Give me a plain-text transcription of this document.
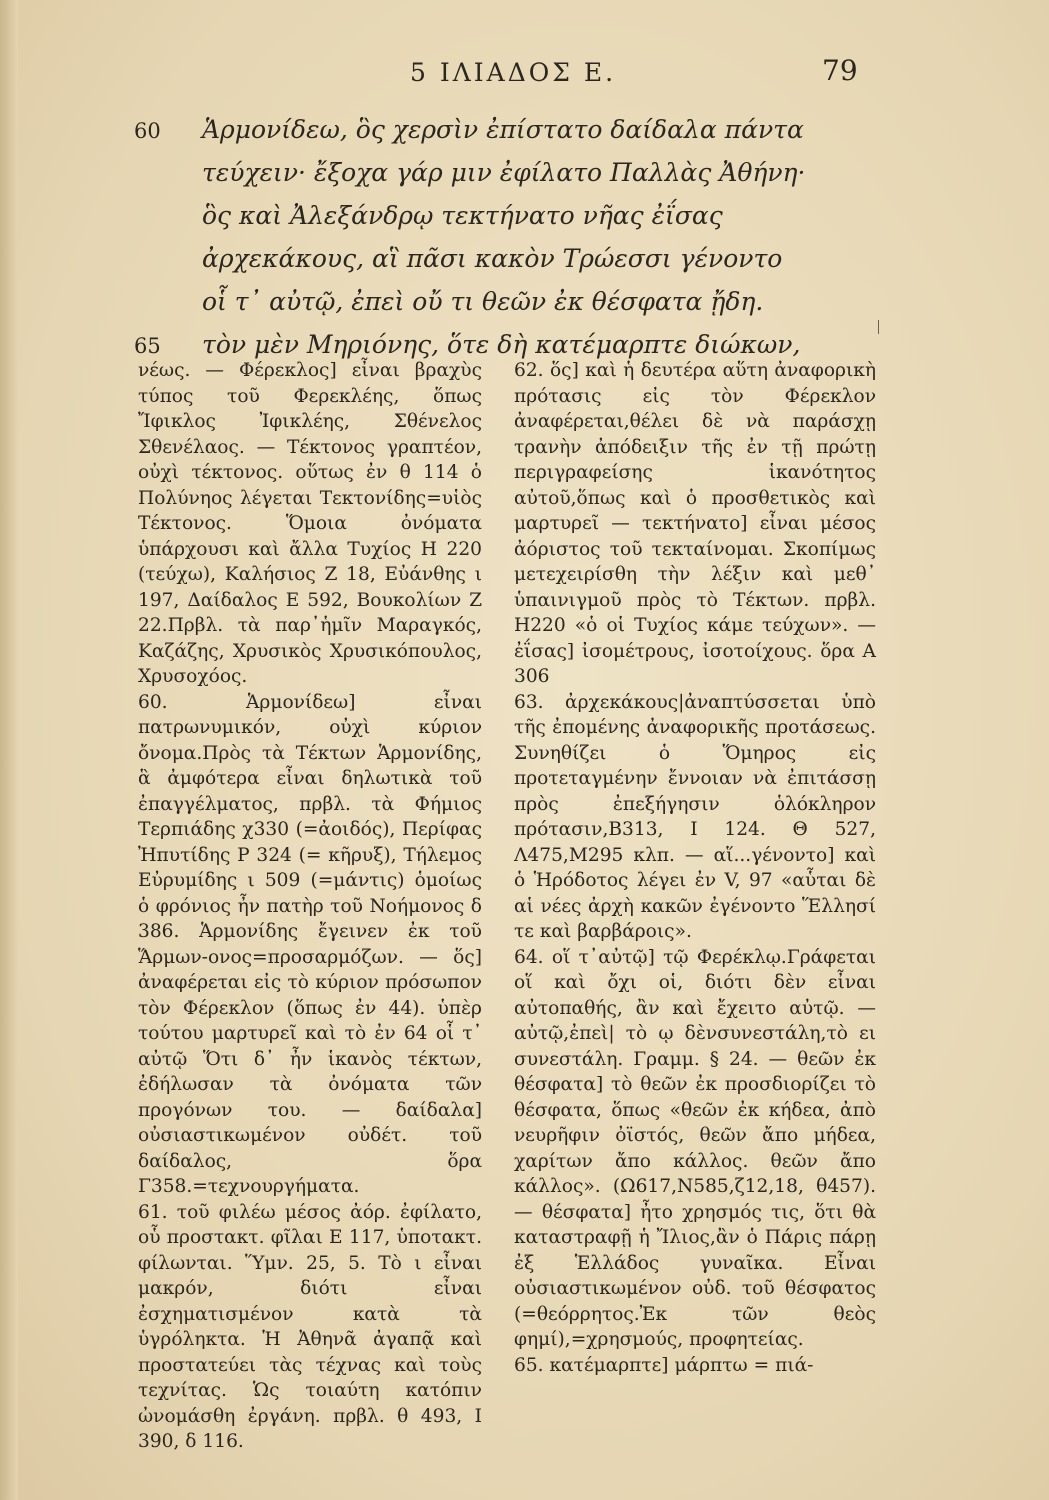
5 ΙΛΙΑΔΟΣ Ε.	79
60 Ἁρμονίδεω, ὃς χερσὶν ἐπίστατο δαίδαλα πάντα
τεύχειν· ἔξοχα γάρ μιν ἐφίλατο Παλλὰς Ἀθήνη·
ὃς καὶ Ἀλεξάνδρῳ τεκτήνατο νῆας ἐΐσας
ἀρχεκάκους, αἳ πᾶσι κακὸν Τρώεσσι γένοντο
οἷ τ᾽ αὐτῷ, ἐπεὶ οὔ τι θεῶν ἐκ θέσφατα ᾔδη.
65 τὸν μὲν Μηριόνης, ὅτε δὴ κατέμαρπτε διώκων,

νέως. — Φέρεκλος] εἶναι βραχὺς τύπος τοῦ Φερεκλέης, ὅπως Ἴφικλος Ἰφικλέης, Σθένελος Σθενέλαος. — Τέκτονος γραπτέον, οὐχὶ τέκτονος. οὕτως ἐν θ 114 ὁ Πολύνηος λέγεται Τεκτονίδης=υἱὸς Τέκτονος. Ὅμοια ὀνόματα ὑπάρχουσι καὶ ἄλλα Τυχίος Η 220 (τεύχω), Καλήσιος Ζ 18, Εὐάνθης ι 197, Δαίδαλος Ε 592, Βουκολίων Ζ 22.Πρβλ. τὰ παρ᾽ἡμῖν Μαραγκός, Καζάζης, Χρυσικὸς Χρυσικόπουλος, Χρυσοχόος.

60. Ἁρμονίδεω] εἶναι πατρωνυμικόν, οὐχὶ κύριον ὄνομα.Πρὸς τὰ Τέκτων Ἁρμονίδης, ἃ ἀμφότερα εἶναι δηλωτικὰ τοῦ ἐπαγγέλματος, πρβλ. τὰ Φήμιος Τερπιάδης χ330 (=ἀοιδός), Περίφας Ἠπυτίδης Ρ 324 (= κῆρυξ), Τήλεμος Εὐρυμίδης ι 509 (=μάντις) ὁμοίως ὁ φρόνιος ἦν πατὴρ τοῦ Νοήμονος δ 386. Ἁρμονίδης ἔγεινεν ἐκ τοῦ Ἅρμων-ονος=προσαρμόζων. — ὅς] ἀναφέρεται εἰς τὸ κύριον πρόσωπον τὸν Φέρεκλον (ὅπως ἐν 44). ὑπὲρ τούτου μαρτυρεῖ καὶ τὸ ἐν 64 οἷ τ᾽ αὐτῷ Ὅτι δ᾽ ἦν ἱκανὸς τέκτων, ἐδήλωσαν τὰ ὀνόματα τῶν προγόνων του. — δαίδαλα] οὐσιαστικωμένον οὐδέτ. τοῦ δαίδαλος, ὅρα Γ358.=τεχνουργήματα.

61. τοῦ φιλέω μέσος ἀόρ. ἐφίλατο, οὗ προστακτ. φῖλαι Ε 117, ὑποτακτ. φίλωνται. Ὕμν. 25, 5. Τὸ ι εἶναι μακρόν, διότι εἶναι ἐσχηματισμένον κατὰ τὰ ὑγρόληκτα. Ἡ Ἀθηνᾶ ἀγαπᾷ καὶ προστατεύει τὰς τέχνας καὶ τοὺς τεχνίτας. Ὡς τοιαύτη κατόπιν ὠνομάσθη ἐργάνη. πρβλ. θ 493, Ι 390, δ 116.

62. ὅς] καὶ ἡ δευτέρα αὕτη ἀναφορικὴ πρότασις εἰς τὸν Φέρεκλον ἀναφέρεται,θέλει δὲ νὰ παράσχῃ τρανὴν ἀπόδειξιν τῆς ἐν τῇ πρώτῃ περιγραφείσης ἱκανότητος αὐτοῦ,ὅπως καὶ ὁ προσθετικὸς καὶ μαρτυρεῖ — τεκτήνατο] εἶναι μέσος ἀόριστος τοῦ τεκταίνομαι. Σκοπίμως μετεχειρίσθη τὴν λέξιν καὶ μεθ᾽ ὑπαινιγμοῦ πρὸς τὸ Τέκτων. πρβλ. Η220 «ὁ οἱ Τυχίος κάμε τεύχων». — ἐΐσας] ἰσομέτρους, ἰσοτοίχους. ὅρα Α 306

63. ἀρχεκάκους|ἀναπτύσσεται ὑπὸ τῆς ἐπομένης ἀναφορικῆς προτάσεως. Συνηθίζει ὁ Ὅμηρος εἰς προτεταγμένην ἔννοιαν νὰ ἐπιτάσσῃ πρὸς ἐπεξήγησιν ὁλόκληρον πρότασιν,Β313, Ι 124. Θ 527, Λ475,Μ295 κλπ. — αἵ...γένοντο] καὶ ὁ Ἡρόδοτος λέγει ἐν V, 97 «αὗται δὲ αἱ νέες ἀρχὴ κακῶν ἐγένοντο Ἕλλησί τε καὶ βαρβάροις».

64. οἵ τ᾽αὐτῷ] τῷ Φερέκλῳ.Γράφεται οἵ καὶ ὄχι οἱ, διότι δὲν εἶναι αὐτοπαθής, ἂν καὶ ἔχειτο αὐτῷ. — αὐτῷ,ἐπεὶ| τὸ ῳ δὲνσυνεστάλη,τὸ ει συνεστάλη. Γραμμ. § 24. — θεῶν ἐκ θέσφατα] τὸ θεῶν ἐκ προσδιορίζει τὸ θέσφατα, ὅπως «θεῶν ἐκ κήδεα, ἀπὸ νευρῆφιν ὀϊστός, θεῶν ἄπο μήδεα, χαρίτων ἄπο κάλλος. θεῶν ἄπο κάλλος». (Ω617,Ν585,ζ12,18, θ457). — θέσφατα] ἦτο χρησμός τις, ὅτι θὰ καταστραφῇ ἡ Ἴλιος,ἂν ὁ Πάρις πάρῃ ἐξ Ἑλλάδος γυναῖκα. Εἶναι οὐσιαστικωμένον οὐδ. τοῦ θέσφατος (=θεόρρητος.Ἐκ τῶν θεὸς φημί),=χρησμούς, προφητείας.

65. κατέμαρπτε] μάρπτω = πιά-
